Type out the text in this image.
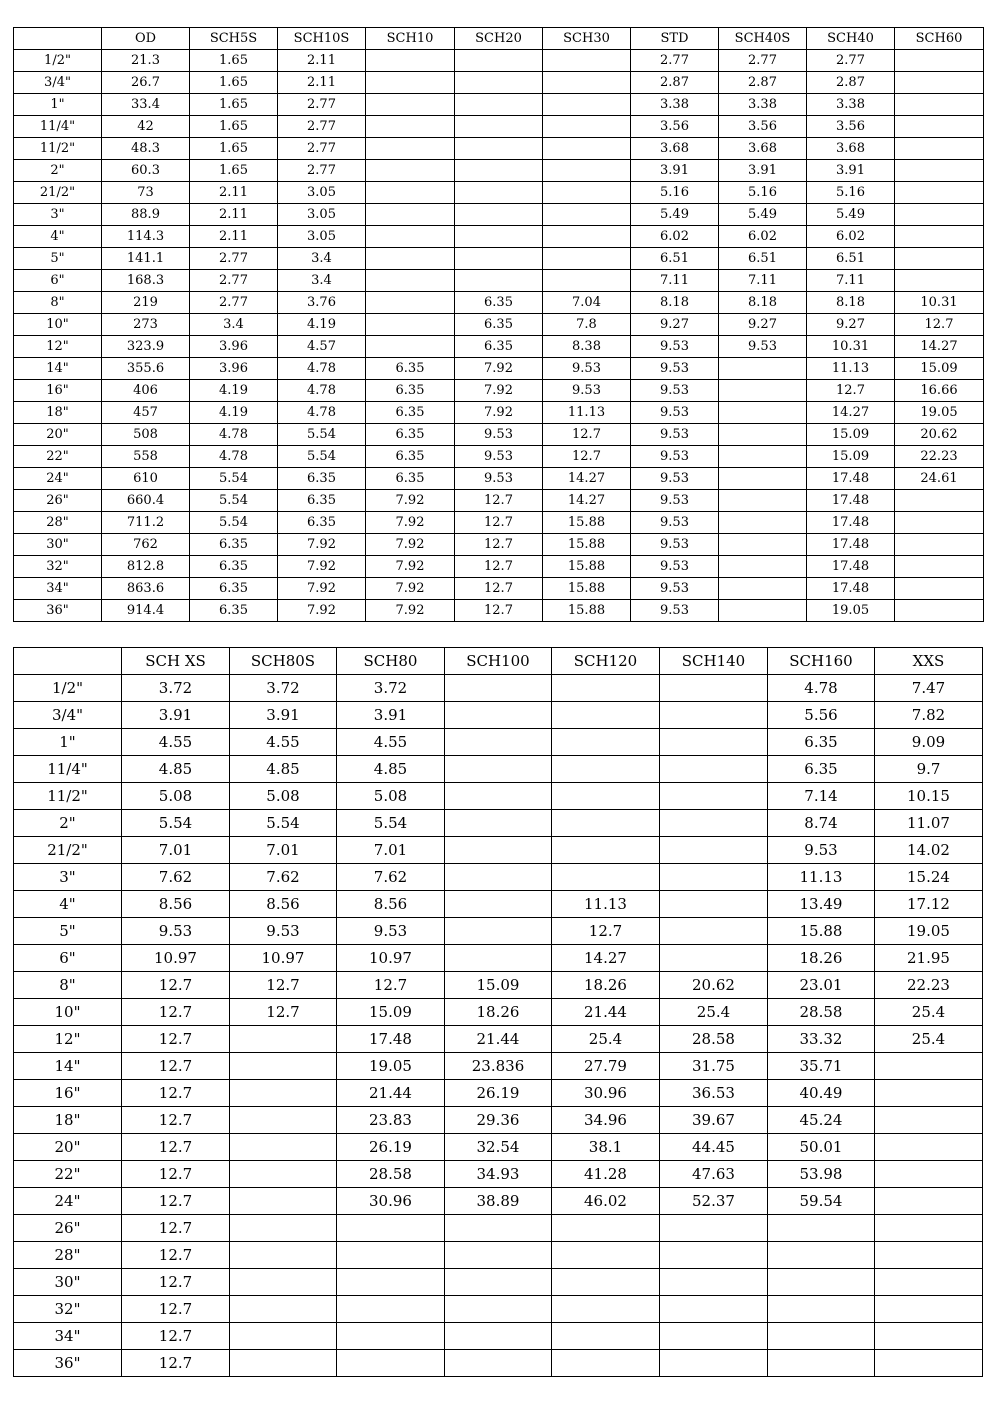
	OD	SCH5S	SCH10S	SCH10	SCH20	SCH30	STD	SCH40S	SCH40	SCH60
1/2"	21.3	1.65	2.11				2.77	2.77	2.77	
3/4"	26.7	1.65	2.11				2.87	2.87	2.87	
1"	33.4	1.65	2.77				3.38	3.38	3.38	
11/4"	42	1.65	2.77				3.56	3.56	3.56	
11/2"	48.3	1.65	2.77				3.68	3.68	3.68	
2"	60.3	1.65	2.77				3.91	3.91	3.91	
21/2"	73	2.11	3.05				5.16	5.16	5.16	
3"	88.9	2.11	3.05				5.49	5.49	5.49	
4"	114.3	2.11	3.05				6.02	6.02	6.02	
5"	141.1	2.77	3.4				6.51	6.51	6.51	
6"	168.3	2.77	3.4				7.11	7.11	7.11	
8"	219	2.77	3.76		6.35	7.04	8.18	8.18	8.18	10.31
10"	273	3.4	4.19		6.35	7.8	9.27	9.27	9.27	12.7
12"	323.9	3.96	4.57		6.35	8.38	9.53	9.53	10.31	14.27
14"	355.6	3.96	4.78	6.35	7.92	9.53	9.53		11.13	15.09
16"	406	4.19	4.78	6.35	7.92	9.53	9.53		12.7	16.66
18"	457	4.19	4.78	6.35	7.92	11.13	9.53		14.27	19.05
20"	508	4.78	5.54	6.35	9.53	12.7	9.53		15.09	20.62
22"	558	4.78	5.54	6.35	9.53	12.7	9.53		15.09	22.23
24"	610	5.54	6.35	6.35	9.53	14.27	9.53		17.48	24.61
26"	660.4	5.54	6.35	7.92	12.7	14.27	9.53		17.48	
28"	711.2	5.54	6.35	7.92	12.7	15.88	9.53		17.48	
30"	762	6.35	7.92	7.92	12.7	15.88	9.53		17.48	
32"	812.8	6.35	7.92	7.92	12.7	15.88	9.53		17.48	
34"	863.6	6.35	7.92	7.92	12.7	15.88	9.53		17.48	
36"	914.4	6.35	7.92	7.92	12.7	15.88	9.53		19.05	
	SCH XS	SCH80S	SCH80	SCH100	SCH120	SCH140	SCH160	XXS
1/2"	3.72	3.72	3.72				4.78	7.47
3/4"	3.91	3.91	3.91				5.56	7.82
1"	4.55	4.55	4.55				6.35	9.09
11/4"	4.85	4.85	4.85				6.35	9.7
11/2"	5.08	5.08	5.08				7.14	10.15
2"	5.54	5.54	5.54				8.74	11.07
21/2"	7.01	7.01	7.01				9.53	14.02
3"	7.62	7.62	7.62				11.13	15.24
4"	8.56	8.56	8.56		11.13		13.49	17.12
5"	9.53	9.53	9.53		12.7		15.88	19.05
6"	10.97	10.97	10.97		14.27		18.26	21.95
8"	12.7	12.7	12.7	15.09	18.26	20.62	23.01	22.23
10"	12.7	12.7	15.09	18.26	21.44	25.4	28.58	25.4
12"	12.7		17.48	21.44	25.4	28.58	33.32	25.4
14"	12.7		19.05	23.836	27.79	31.75	35.71	
16"	12.7		21.44	26.19	30.96	36.53	40.49	
18"	12.7		23.83	29.36	34.96	39.67	45.24	
20"	12.7		26.19	32.54	38.1	44.45	50.01	
22"	12.7		28.58	34.93	41.28	47.63	53.98	
24"	12.7		30.96	38.89	46.02	52.37	59.54	
26"	12.7							
28"	12.7							
30"	12.7							
32"	12.7							
34"	12.7							
36"	12.7							
